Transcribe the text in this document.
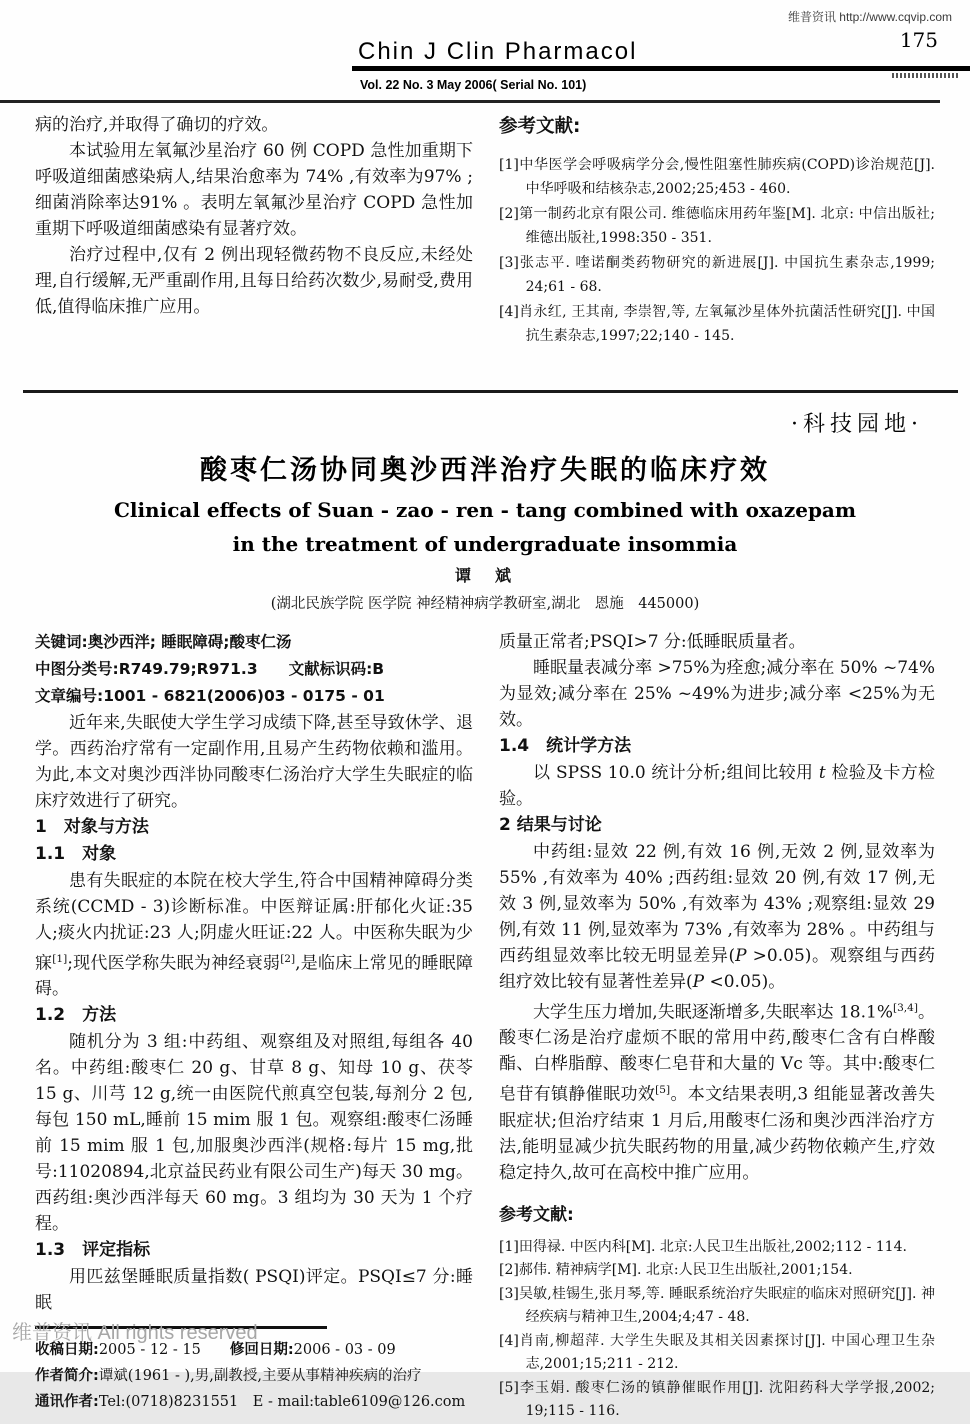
维普资讯 http://www.cqvip.com
Chin J Clin Pharmacol	175
Vol. 22 No. 3 May 2006( Serial No. 101)

病的治疗,并取得了确切的疗效。

本试验用左氧氟沙星治疗 60 例 COPD 急性加重期下呼吸道细菌感染病人,结果治愈率为 74% ,有效率为97% ;细菌消除率达91% 。表明左氧氟沙星治疗 COPD 急性加重期下呼吸道细菌感染有显著疗效。

治疗过程中,仅有 2 例出现轻微药物不良反应,未经处理,自行缓解,无严重副作用,且每日给药次数少,易耐受,费用低,值得临床推广应用。

参考文献:

[1]中华医学会呼吸病学分会,慢性阻塞性肺疾病(COPD)诊治规范[J]. 中华呼吸和结核杂志,2002;25;453 - 460.

[2]第一制药北京有限公司. 维德临床用药年鉴[M]. 北京: 中信出版社;维德出版社,1998:350 - 351.

[3]张志平. 喹诺酮类药物研究的新进展[J]. 中国抗生素杂志,1999; 24;61 - 68.

[4]肖永红, 王其南, 李崇智,等, 左氧氟沙星体外抗菌活性研究[J]. 中国抗生素杂志,1997;22;140 - 145.

·科技园地·
酸枣仁汤协同奥沙西泮治疗失眠的临床疗效
Clinical effects of Suan - zao - ren - tang combined with oxazepam
in the treatment of undergraduate insommia
谭　斌
(湖北民族学院 医学院 神经精神病学教研室,湖北　恩施　445000)

关键词:奥沙西泮; 睡眠障碍;酸枣仁汤

中图分类号:R749.79;R971.3　　文献标识码:B

文章编号:1001 - 6821(2006)03 - 0175 - 01

近年来,失眠使大学生学习成绩下降,甚至导致休学、退学。西药治疗常有一定副作用,且易产生药物依赖和滥用。为此,本文对奥沙西泮协同酸枣仁汤治疗大学生失眠症的临床疗效进行了研究。

1　对象与方法

1.1　对象

患有失眠症的本院在校大学生,符合中国精神障碍分类系统(CCMD - 3)诊断标准。中医辩证属:肝郁化火证:35 人;痰火内扰证:23 人;阴虚火旺证:22 人。中医称失眠为少寐[1];现代医学称失眠为神经衰弱[2],是临床上常见的睡眠障碍。

1.2　方法

随机分为 3 组:中药组、观察组及对照组,每组各 40 名。中药组:酸枣仁 20 g、甘草 8 g、知母 10 g、茯苓 15 g、川芎 12 g,统一由医院代煎真空包装,每剂分 2 包,每包 150 mL,睡前 15 mim 服 1 包。观察组:酸枣仁汤睡前 15 mim 服 1 包,加服奥沙西泮(规格:每片 15 mg,批号:11020894,北京益民药业有限公司生产)每天 30 mg。西药组:奥沙西泮每天 60 mg。3 组均为 30 天为 1 个疗程。

1.3　评定指标

用匹兹堡睡眠质量指数( PSQI)评定。PSQI≤7 分:睡眠

收稿日期:2005 - 12 - 15　　修回日期:2006 - 03 - 09

作者简介:谭斌(1961 - ),男,副教授,主要从事精神疾病的治疗

通讯作者:Tel:(0718)8231551　E - mail:table6109@126.com

质量正常者;PSQI>7 分:低睡眠质量者。

睡眠量表减分率 >75%为痊愈;减分率在 50% ~74% 为显效;减分率在 25% ~49%为进步;减分率 <25%为无效。

1.4　统计学方法

以 SPSS 10.0 统计分析;组间比较用 t 检验及卡方检验。

2 结果与讨论

中药组:显效 22 例,有效 16 例,无效 2 例,显效率为 55% ,有效率为 40% ;西药组:显效 20 例,有效 17 例,无效 3 例,显效率为 50% ,有效率为 43% ;观察组:显效 29 例,有效 11 例,显效率为 73% ,有效率为 28% 。中药组与西药组显效率比较无明显差异(P >0.05)。观察组与西药组疗效比较有显著性差异(P <0.05)。

大学生压力增加,失眠逐渐增多,失眠率达 18.1%[3,4]。酸枣仁汤是治疗虚烦不眠的常用中药,酸枣仁含有白桦酸酯、白桦脂醇、酸枣仁皂苷和大量的 Vc 等。其中:酸枣仁皂苷有镇静催眠功效[5]。本文结果表明,3 组能显著改善失眠症状;但治疗结束 1 月后,用酸枣仁汤和奥沙西泮治疗方法,能明显减少抗失眠药物的用量,减少药物依赖产生,疗效稳定持久,故可在高校中推广应用。

参考文献:

[1]田得禄. 中医内科[M]. 北京:人民卫生出版社,2002;112 - 114.

[2]郝伟. 精神病学[M]. 北京:人民卫生出版社,2001;154.

[3]吴敏,桂锡生,张月琴,等. 睡眠系统治疗失眠症的临床对照研究[J]. 神经疾病与精神卫生,2004;4;47 - 48.

[4]肖南,柳超萍. 大学生失眠及其相关因素探讨[J]. 中国心理卫生杂志,2001;15;211 - 212.

[5]李玉娟. 酸枣仁汤的镇静催眠作用[J]. 沈阳药科大学学报,2002; 19;115 - 116.

维普资讯 All rights reserved
